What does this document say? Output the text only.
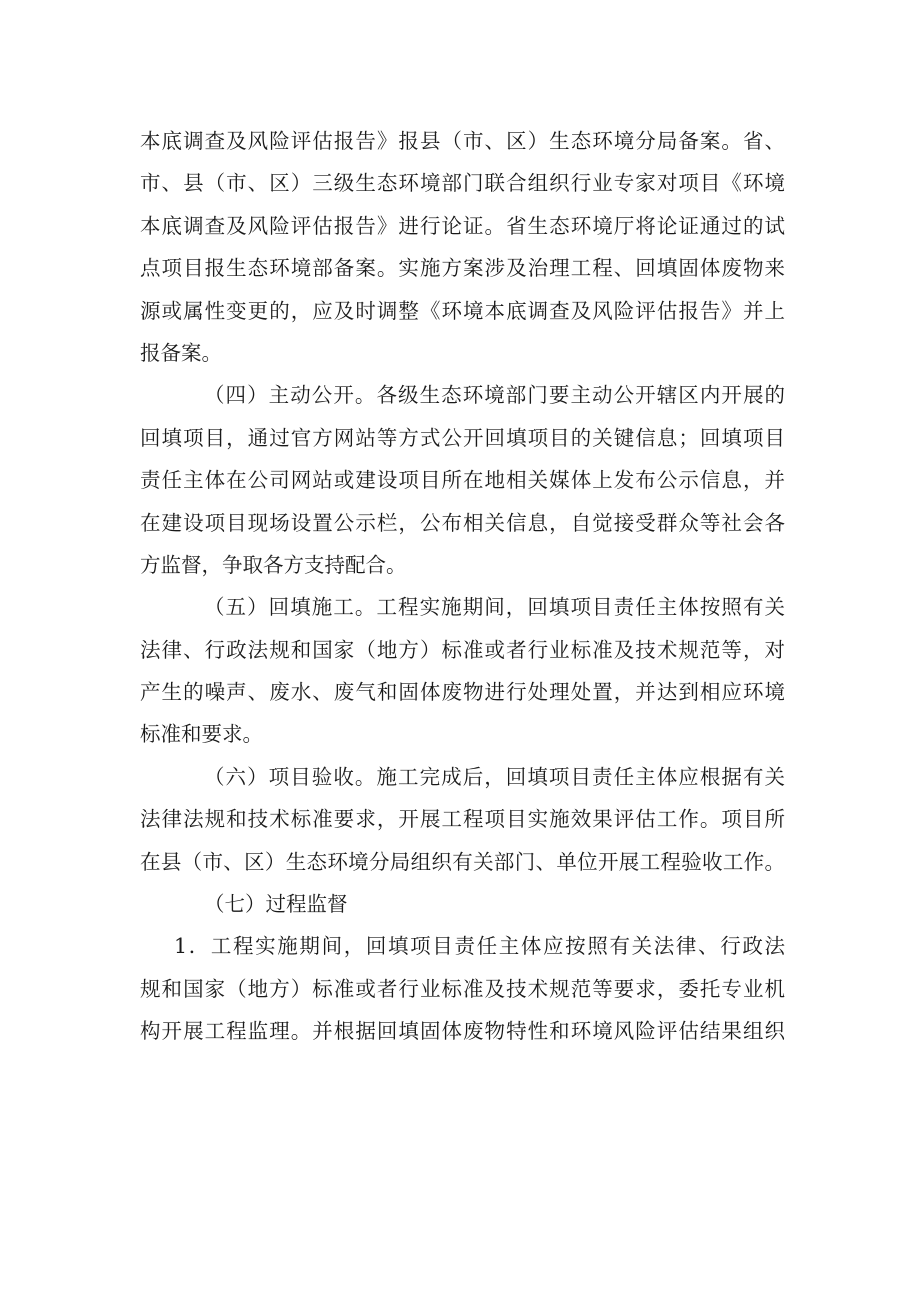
本底调查及风险评估报告》报县（市、区）生态环境分局备案。省、
市、县（市、区）三级生态环境部门联合组织行业专家对项目《环境
本底调查及风险评估报告》进行论证。省生态环境厅将论证通过的试
点项目报生态环境部备案。实施方案涉及治理工程、回填固体废物来
源或属性变更的，应及时调整《环境本底调查及风险评估报告》并上
报备案。
（四）主动公开。各级生态环境部门要主动公开辖区内开展的
回填项目，通过官方网站等方式公开回填项目的关键信息；回填项目
责任主体在公司网站或建设项目所在地相关媒体上发布公示信息，并
在建设项目现场设置公示栏，公布相关信息，自觉接受群众等社会各
方监督，争取各方支持配合。
（五）回填施工。工程实施期间，回填项目责任主体按照有关
法律、行政法规和国家（地方）标准或者行业标准及技术规范等，对
产生的噪声、废水、废气和固体废物进行处理处置，并达到相应环境
标准和要求。
（六）项目验收。施工完成后，回填项目责任主体应根据有关
法律法规和技术标准要求，开展工程项目实施效果评估工作。项目所
在县（市、区）生态环境分局组织有关部门、单位开展工程验收工作。
（七）过程监督
1．工程实施期间，回填项目责任主体应按照有关法律、行政法
规和国家（地方）标准或者行业标准及技术规范等要求，委托专业机
构开展工程监理。并根据回填固体废物特性和环境风险评估结果组织
